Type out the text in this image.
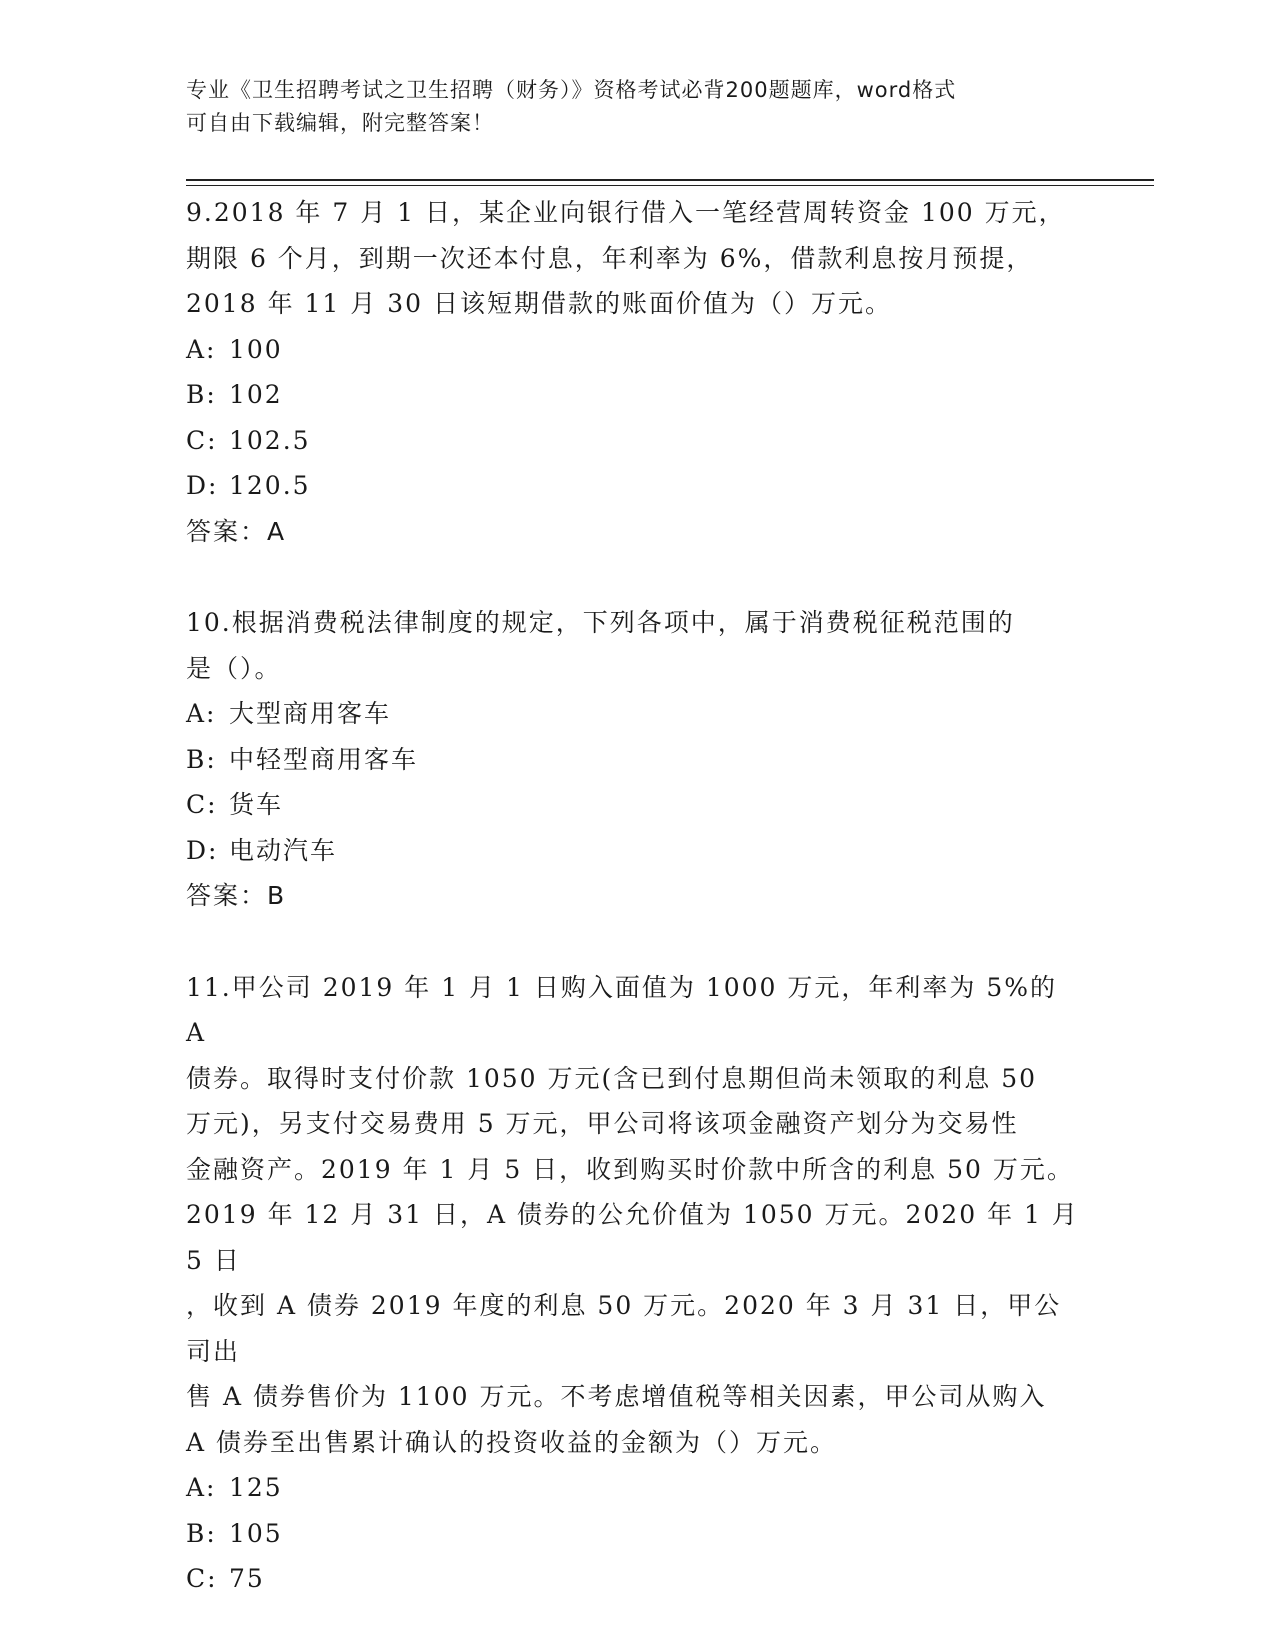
专业《卫生招聘考试之卫生招聘（财务）》资格考试必背200题题库，word格式
可自由下载编辑，附完整答案！
9.2018 年 7 月 1 日，某企业向银行借入一笔经营周转资金 100 万元，
期限 6 个月，到期一次还本付息，年利率为 6%，借款利息按月预提，
2018 年 11 月 30 日该短期借款的账面价值为（）万元。
A: 100
B: 102
C: 102.5
D: 120.5
答案：A
10.根据消费税法律制度的规定，下列各项中，属于消费税征税范围的
是（）。
A: 大型商用客车
B: 中轻型商用客车
C: 货车
D: 电动汽车
答案：B
11.甲公司 2019 年 1 月 1 日购入面值为 1000 万元，年利率为 5%的 A
债券。取得时支付价款 1050 万元(含已到付息期但尚未领取的利息 50
万元)，另支付交易费用 5 万元，甲公司将该项金融资产划分为交易性
金融资产。2019 年 1 月 5 日，收到购买时价款中所含的利息 50 万元。
2019 年 12 月 31 日，A 债券的公允价值为 1050 万元。2020 年 1 月 5 日
，收到 A 债券 2019 年度的利息 50 万元。2020 年 3 月 31 日，甲公司出
售 A 债券售价为 1100 万元。不考虑增值税等相关因素，甲公司从购入
A 债券至出售累计确认的投资收益的金额为（）万元。
A: 125
B: 105
C: 75
